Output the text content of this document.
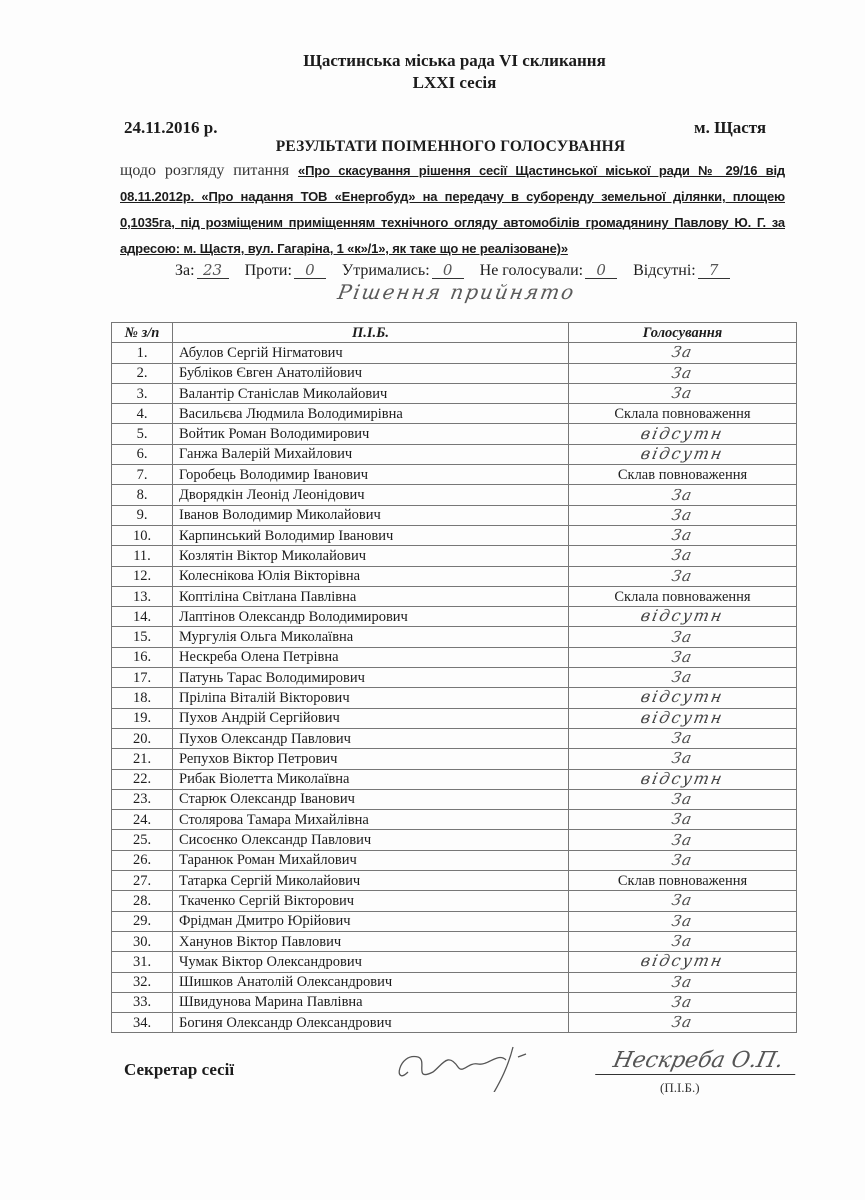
Щастинська міська рада VI скликання
LXXI сесія
24.11.2016 р.	м. Щастя
РЕЗУЛЬТАТИ ПОІМЕННОГО ГОЛОСУВАННЯ
щодо розгляду питання «Про скасування рішення сесії Щастинської міської ради № 29/16 від 08.11.2012р. «Про надання ТОВ «Енергобуд» на передачу в суборенду земельної ділянки, площею 0,1035га, під розміщеним приміщенням технічного огляду автомобілів громадянину Павлову Ю. Г. за адресою: м. Щастя, вул. Гагаріна, 1 «к»/1», як таке що не реалізоване)»
За: 23 Проти: 0 Утримались: 0 Не голосували: 0 Відсутні: 7
Рішення прийнято
№ з/п	П.І.Б.	Голосування
1.	Абулов Сергій Нігматович	За
2.	Бубліков Євген Анатолійович	За
3.	Валантір Станіслав Миколайович	За
4.	Васильєва Людмила Володимирівна	Склала повноваження
5.	Войтик Роман Володимирович	відсутн
6.	Ганжа Валерій Михайлович	відсутн
7.	Горобець Володимир Іванович	Склав повноваження
8.	Дворядкін Леонід Леонідович	За
9.	Іванов Володимир Миколайович	За
10.	Карпинський Володимир Іванович	За
11.	Козлятін Віктор Миколайович	За
12.	Колеснікова Юлія Вікторівна	За
13.	Коптіліна Світлана Павлівна	Склала повноваження
14.	Лаптінов Олександр Володимирович	відсутн
15.	Мургулія Ольга Миколаївна	За
16.	Нескреба Олена Петрівна	За
17.	Патунь Тарас Володимирович	За
18.	Пріліпа Віталій Вікторович	відсутн
19.	Пухов Андрій Сергійович	відсутн
20.	Пухов Олександр Павлович	За
21.	Репухов Віктор Петрович	За
22.	Рибак Віолетта Миколаївна	відсутн
23.	Старюк Олександр Іванович	За
24.	Столярова Тамара Михайлівна	За
25.	Сисоєнко Олександр Павлович	За
26.	Таранюк Роман Михайлович	За
27.	Татарка Сергій Миколайович	Склав повноваження
28.	Ткаченко Сергій Вікторович	За
29.	Фрідман Дмитро Юрійович	За
30.	Ханунов Віктор Павлович	За
31.	Чумак Віктор Олександрович	відсутн
32.	Шишков Анатолій Олександрович	За
33.	Швидунова Марина Павлівна	За
34.	Богиня Олександр Олександрович	За
Секретар сесії	Нескреба О.П.
(П.І.Б.)
